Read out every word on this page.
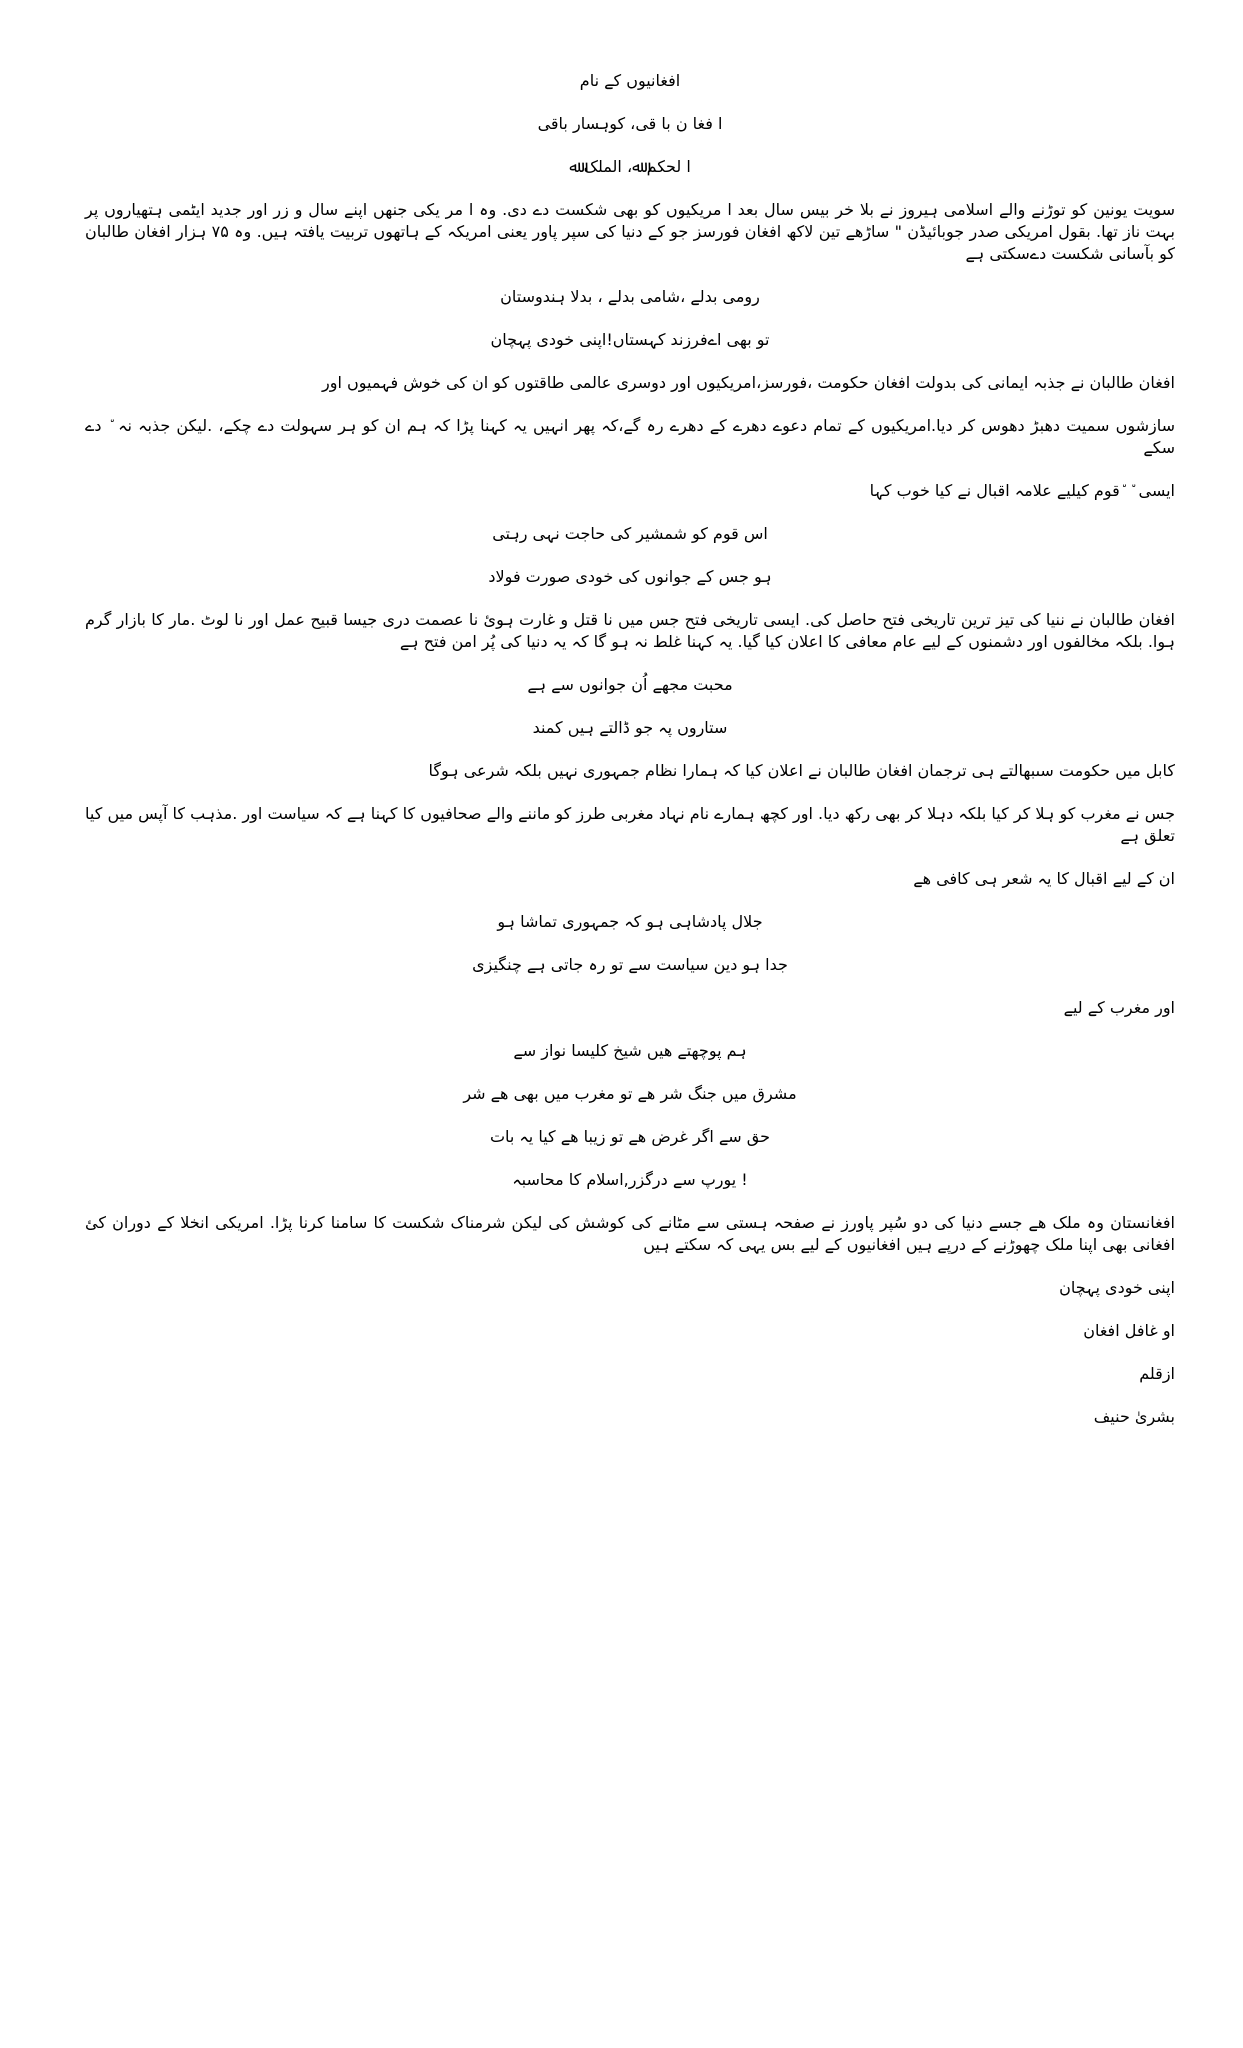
افغانیوں کے نام

ا فغا ن با قی، کوہسار باقی

ا لحکم ﷲ، الملک ﷲ

سویت یونین کو توڑنے والے اسلامی ہیروز نے بلا خر بیس سال بعد ا مریکیوں کو بھی شکست دے دی. وہ ا مر یکی جنھں اپنے سال و زر اور جدید ایٹمی ہتھیاروں پر بہت ناز تھا. بقول امریکی صدر جوبائیڈن " ساڑھے تین لاکھ افغان فورسز جو کے دنیا کی سپر پاور یعنی امریکہ کے ہاتھوں تربیت یافتہ ہیں. وہ ۷۵ ہزار افغان طالبان کو بآسانی شکست دےسکتی ہے

رومی بدلے ،شامی بدلے ، بدلا ہندوستان

تو بھی اےفرزند کہستاں!اپنی خودی پہچان

افغان طالبان نے جذبہ ایمانی کی بدولت افغان حکومت ،فورسز،امریکیوں اور دوسری عالمی طاقتوں کو ان کی خوش فہمیوں اور

سازشوں سمیت دھبڑ دھوس کر دیا.امریکیوں کے تمام دعوے دھرے کے دھرے رہ گے،کہ پھر انہیں یہ کہنا پڑا کہ ہم ان کو ہر سہولت دے چکے، .لیکن جذبہ نہ ٘ دے سکے

ایسی ٘ ٘قوم کیلیے علامہ اقبال نے کیا خوب کہا

اس قوم کو شمشیر کی حاجت نہی رہتی

ہو جس کے جوانوں کی خودی صورت فولاد

افغان طالبان نے ننیا کی تیز ترین تاریخی فتح حاصل کی. ایسی تاریخی فتح جس میں نا قتل و غارت ہوئ نا عصمت دری جیسا قبیح عمل اور نا لوٹ .مار کا بازار گرم ہوا. بلکہ مخالفوں اور دشمنوں کے لیے عام معافی کا اعلان کیا گیا. یہ کہنا غلط نہ ہو گا کہ یہ دنیا کی پُر امن فتح ہے

محبت مجھے اُن جوانوں سے ہے

ستاروں پہ جو ڈالتے ہیں کمند

کابل میں حکومت سںبھالتے ہی ترجمان افغان طالبان نے اعلان کیا کہ ہمارا نظام جمہوری نہیں بلکہ شرعی ہوگا

جس نے مغرب کو ہلا کر کیا بلکہ دہلا کر بھی رکھ دیا. اور کچھ ہمارے نام نہاد مغربی طرز کو ماننے والے صحافیوں کا کہنا ہے کہ سیاست اور .مذہب کا آپس میں کیا تعلق ہے

ان کے لیے اقبال کا یہ شعر ہی کافی ھے

جلال پادشاہی ہو کہ جمہوری تماشا ہو

جدا ہو دین سیاست سے تو رہ جاتی ہے چنگیزی

اور مغرب کے لیے

ہم پوچھتے ھیں شیخ کلیسا نواز سے

مشرق میں جنگ شر ھے تو مغرب میں بھی ھے شر

حق سے اگر غرض ھے تو زیبا ھے کیا یہ بات

! یورپ سے درگزر,اسلام کا محاسبہ

افغانستان وہ ملک ھے جسے دنیا کی دو سُپر پاورز نے صفحہ ہستی سے مٹانے کی کوشش کی لیکن شرمناک شکست کا سامنا کرنا پڑا. امریکی انخلا کے دوران کئ افغانی بھی اپنا ملک چھوڑنے کے درپے ہیں افغانیوں کے لیے بس یہی کہ سکتے ہیں

اپنی خودی پہچان

او غافل افغان

ازقلم

بشریٰ حنیف
